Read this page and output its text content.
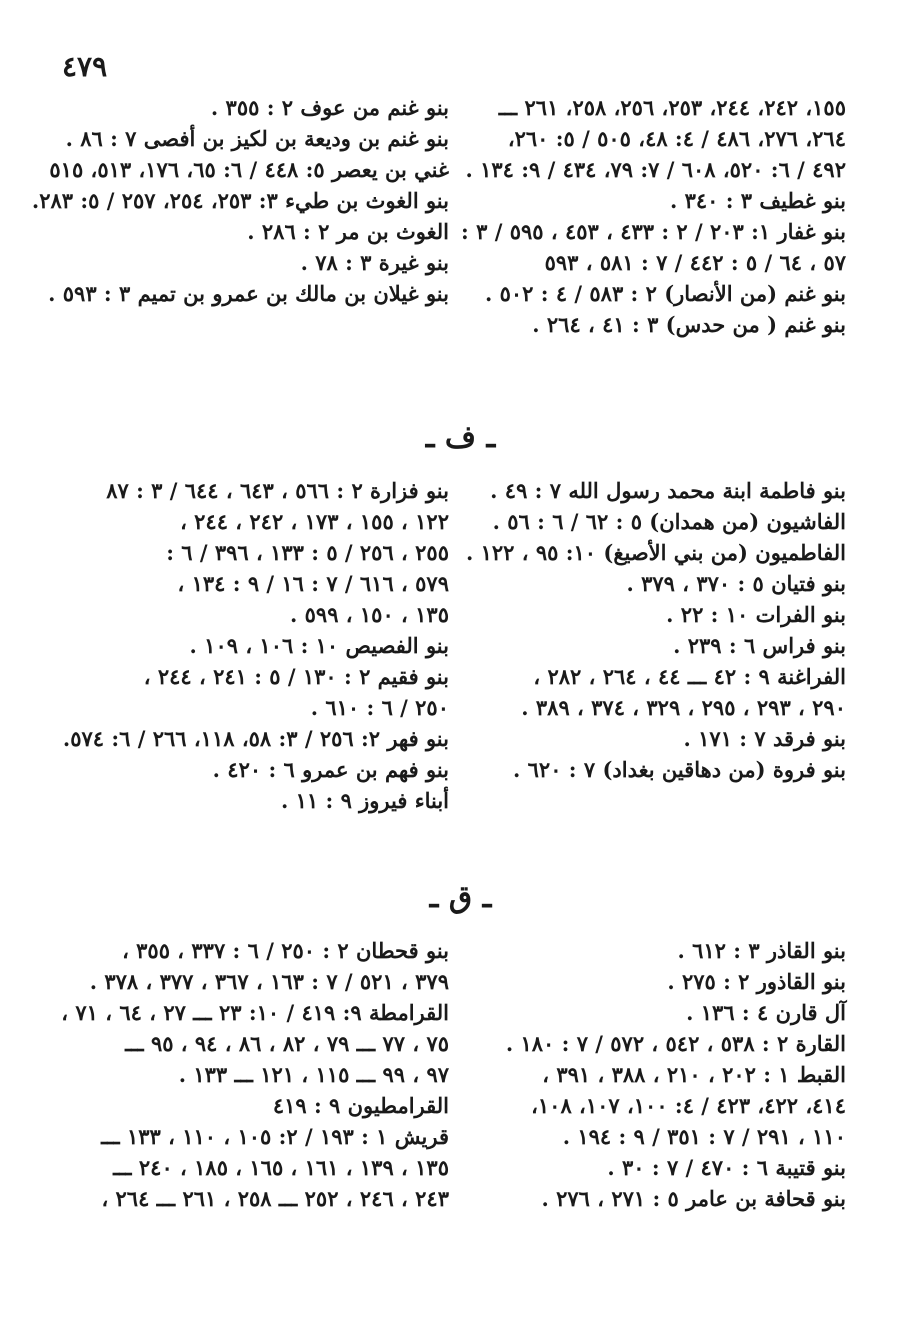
٤٧٩
١٥٥، ٢٤٢، ٢٤٤، ٢٥٣، ٢٥٦، ٢٥٨، ٢٦١ ـــ
٢٦٤، ٢٧٦، ٤٨٦ / ٤: ٤٨، ٥٠٥ / ٥: ٢٦٠،
٤٩٢ / ٦: ٥٢٠، ٦٠٨ / ٧: ٧٩، ٤٣٤ / ٩: ١٣٤ .
بنو غطيف ٣ : ٣٤٠ .
بنو غفار ١: ٢٠٣ / ٢ : ٤٣٣ ، ٤٥٣ ، ٥٩٥ / ٣ :
٥٧ ، ٦٤ / ٥ : ٤٤٢ / ٧ : ٥٨١ ، ٥٩٣
بنو غنم (من الأنصار) ٢ : ٥٨٣ / ٤ : ٥٠٢ .
بنو غنم ( من حدس) ٣ : ٤١ ، ٢٦٤ .
بنو غنم من عوف ٢ : ٣٥٥ .
بنو غنم بن وديعة بن لكيز بن أفصى ٧ : ٨٦ .
غني بن يعصر ٥: ٤٤٨ / ٦: ٦٥، ١٧٦، ٥١٣، ٥١٥
بنو الغوث بن طيء ٣: ٢٥٣، ٢٥٤، ٢٥٧ / ٥: ٢٨٣.
الغوث بن مر ٢ : ٢٨٦ .
بنو غيرة ٣ : ٧٨ .
بنو غيلان بن مالك بن عمرو بن تميم ٣ : ٥٩٣ .
ـ ف ـ
بنو فاطمة ابنة محمد رسول الله ٧ : ٤٩ .
الفاشيون (من همدان) ٥ : ٦٢ / ٦ : ٥٦ .
الفاطميون (من بني الأصيغ) ١٠: ٩٥ ، ١٢٢ .
بنو فتيان ٥ : ٣٧٠ ، ٣٧٩ .
بنو الفرات ١٠ : ٢٢ .
بنو فراس ٦ : ٢٣٩ .
الفراغنة ٩ : ٤٢ ـــ ٤٤ ، ٢٦٤ ، ٢٨٢ ،
٢٩٠ ، ٢٩٣ ، ٢٩٥ ، ٣٢٩ ، ٣٧٤ ، ٣٨٩ .
بنو فرقد ٧ : ١٧١ .
بنو فروة (من دهاقين بغداد) ٧ : ٦٢٠ .
بنو فزارة ٢ : ٥٦٦ ، ٦٤٣ ، ٦٤٤ / ٣ : ٨٧
١٢٢ ، ١٥٥ ، ١٧٣ ، ٢٤٢ ، ٢٤٤ ،
٢٥٥ ، ٢٥٦ / ٥ : ١٣٣ ، ٣٩٦ / ٦ :
٥٧٩ ، ٦١٦ / ٧ : ١٦ / ٩ : ١٣٤ ،
١٣٥ ، ١٥٠ ، ٥٩٩ .
بنو الفصيص ١٠ : ١٠٦ ، ١٠٩ .
بنو فقيم ٢ : ١٣٠ / ٥ : ٢٤١ ، ٢٤٤ ،
٢٥٠ / ٦ : ٦١٠ .
بنو فهر ٢: ٢٥٦ / ٣: ٥٨، ١١٨، ٢٦٦ / ٦: ٥٧٤.
بنو فهم بن عمرو ٦ : ٤٢٠ .
أبناء فيروز ٩ : ١١ .
ـ ق ـ
بنو القاذر ٣ : ٦١٢ .
بنو القاذور ٢ : ٢٧٥ .
آل قارن ٤ : ١٣٦ .
القارة ٢ : ٥٣٨ ، ٥٤٢ ، ٥٧٢ / ٧ : ١٨٠ .
القبط ١ : ٢٠٢ ، ٢١٠ ، ٣٨٨ ، ٣٩١ ،
٤١٤، ٤٢٢، ٤٢٣ / ٤: ١٠٠، ١٠٧، ١٠٨،
١١٠ ، ٢٩١ / ٧ : ٣٥١ / ٩ : ١٩٤ .
بنو قتيبة ٦ : ٤٧٠ / ٧ : ٣٠ .
بنو قحافة بن عامر ٥ : ٢٧١ ، ٢٧٦ .
بنو قحطان ٢ : ٢٥٠ / ٦ : ٣٣٧ ، ٣٥٥ ،
٣٧٩ ، ٥٢١ / ٧ : ١٦٣ ، ٣٦٧ ، ٣٧٧ ، ٣٧٨ .
القرامطة ٩: ٤١٩ / ١٠: ٢٣ ـــ ٢٧ ، ٦٤ ، ٧١ ،
٧٥ ، ٧٧ ـــ ٧٩ ، ٨٢ ، ٨٦ ، ٩٤ ، ٩٥ ـــ
٩٧ ، ٩٩ ـــ ١١٥ ، ١٢١ ـــ ١٣٣ .
القرامطيون ٩ : ٤١٩
قريش ١ : ١٩٣ / ٢: ١٠٥ ، ١١٠ ، ١٣٣ ـــ
١٣٥ ، ١٣٩ ، ١٦١ ، ١٦٥ ، ١٨٥ ، ٢٤٠ ـــ
٢٤٣ ، ٢٤٦ ، ٢٥٢ ـــ ٢٥٨ ، ٢٦١ ـــ ٢٦٤ ،
